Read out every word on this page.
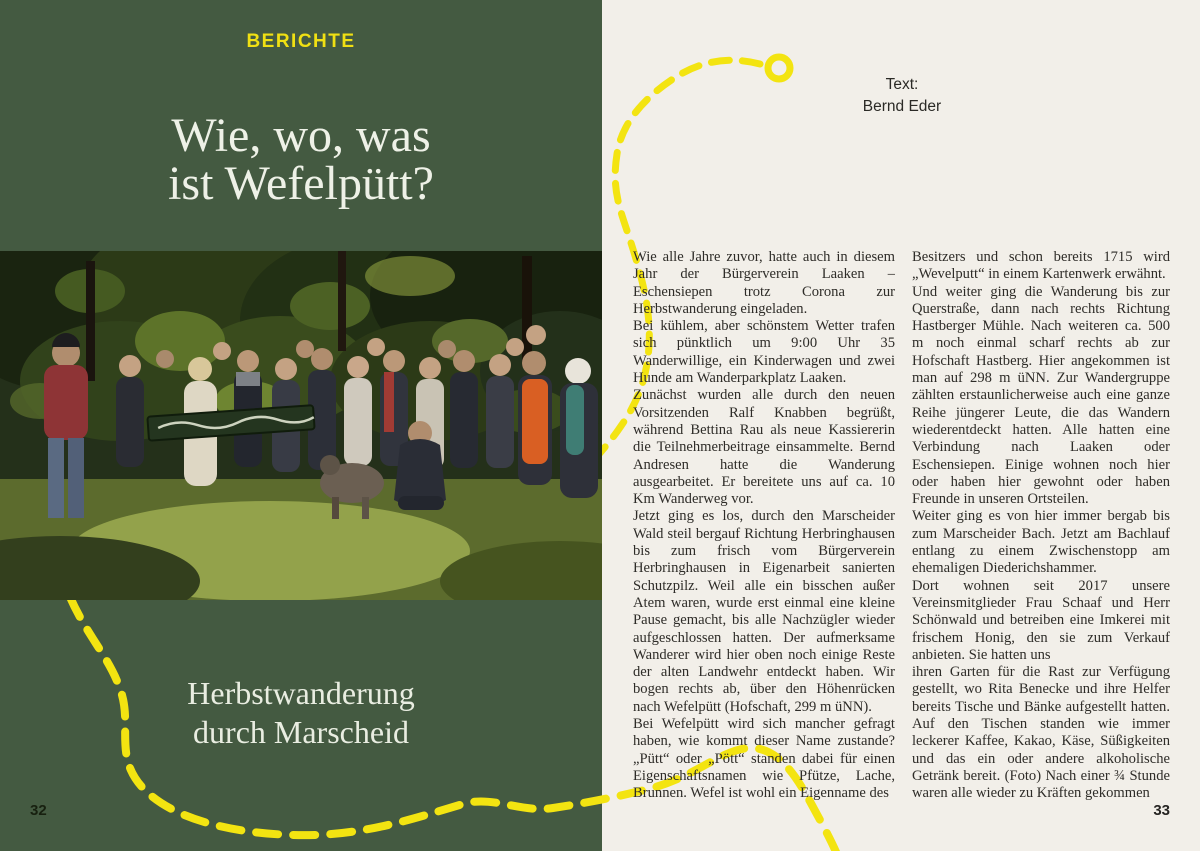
BERICHTE
Wie, wo, was
ist Wefelpütt?
Herbstwanderung
durch Marscheid
Text:
Bernd Eder

Wie alle Jahre zuvor, hatte auch in diesem Jahr der Bürgerverein Laaken – Eschensiepen trotz Corona zur Herbstwanderung eingeladen.

Bei kühlem, aber schönstem Wetter trafen sich pünktlich um 9:00 Uhr 35 Wanderwillige, ein Kinderwagen und zwei Hunde am Wanderparkplatz Laaken.

Zunächst wurden alle durch den neuen Vorsitzenden Ralf Knabben begrüßt, während Bettina Rau als neue Kassiererin die Teilnehmerbeitrage einsammelte. Bernd Andresen hatte die Wanderung ausgearbeitet. Er bereitete uns auf ca. 10 Km Wanderweg vor.

Jetzt ging es los, durch den Marscheider Wald steil bergauf Richtung Herbringhausen bis zum frisch vom Bürgerverein Herbringhausen in Eigenarbeit sanierten Schutzpilz. Weil alle ein bisschen außer Atem waren, wurde erst einmal eine kleine Pause gemacht, bis alle Nachzügler wieder aufgeschlossen hatten. Der aufmerksame Wanderer wird hier oben noch einige Reste der alten Landwehr entdeckt haben. Wir bogen rechts ab, über den Höhenrücken nach Wefelpütt (Hofschaft, 299 m üNN).

Bei Wefelpütt wird sich mancher gefragt haben, wie kommt dieser Name zustande? „Pütt“ oder „Pött“ standen dabei für einen Eigenschaftsnamen wie Pfütze, Lache, Brunnen. Wefel ist wohl ein Eigenname des

Besitzers und schon bereits 1715 wird „Wevelputt“ in einem Kartenwerk erwähnt.

Und weiter ging die Wanderung bis zur Querstraße, dann nach rechts Richtung Hastberger Mühle. Nach weiteren ca. 500 m noch einmal scharf rechts ab zur Hofschaft Hastberg. Hier angekommen ist man auf 298 m üNN. Zur Wandergruppe zählten erstaunlicherweise auch eine ganze Reihe jüngerer Leute, die das Wandern wiederentdeckt hatten. Alle hatten eine Verbindung nach Laaken oder Eschensiepen. Einige wohnen noch hier oder haben hier gewohnt oder haben Freunde in unseren Ortsteilen.

Weiter ging es von hier immer bergab bis zum Marscheider Bach. Jetzt am Bachlauf entlang zu einem Zwischenstopp am ehemaligen Diederichshammer.

Dort wohnen seit 2017 unsere Vereinsmitglieder Frau Schaaf und Herr Schönwald und betreiben eine Imkerei mit frischem Honig, den sie zum Verkauf anbieten. Sie hatten uns

ihren Garten für die Rast zur Verfügung gestellt, wo Rita Benecke und ihre Helfer bereits Tische und Bänke aufgestellt hatten. Auf den Tischen standen wie immer leckerer Kaffee, Kakao, Käse, Süßigkeiten und das ein oder andere alkoholische Getränk bereit. (Foto) Nach einer ¾ Stunde waren alle wieder zu Kräften gekommen

32	33
